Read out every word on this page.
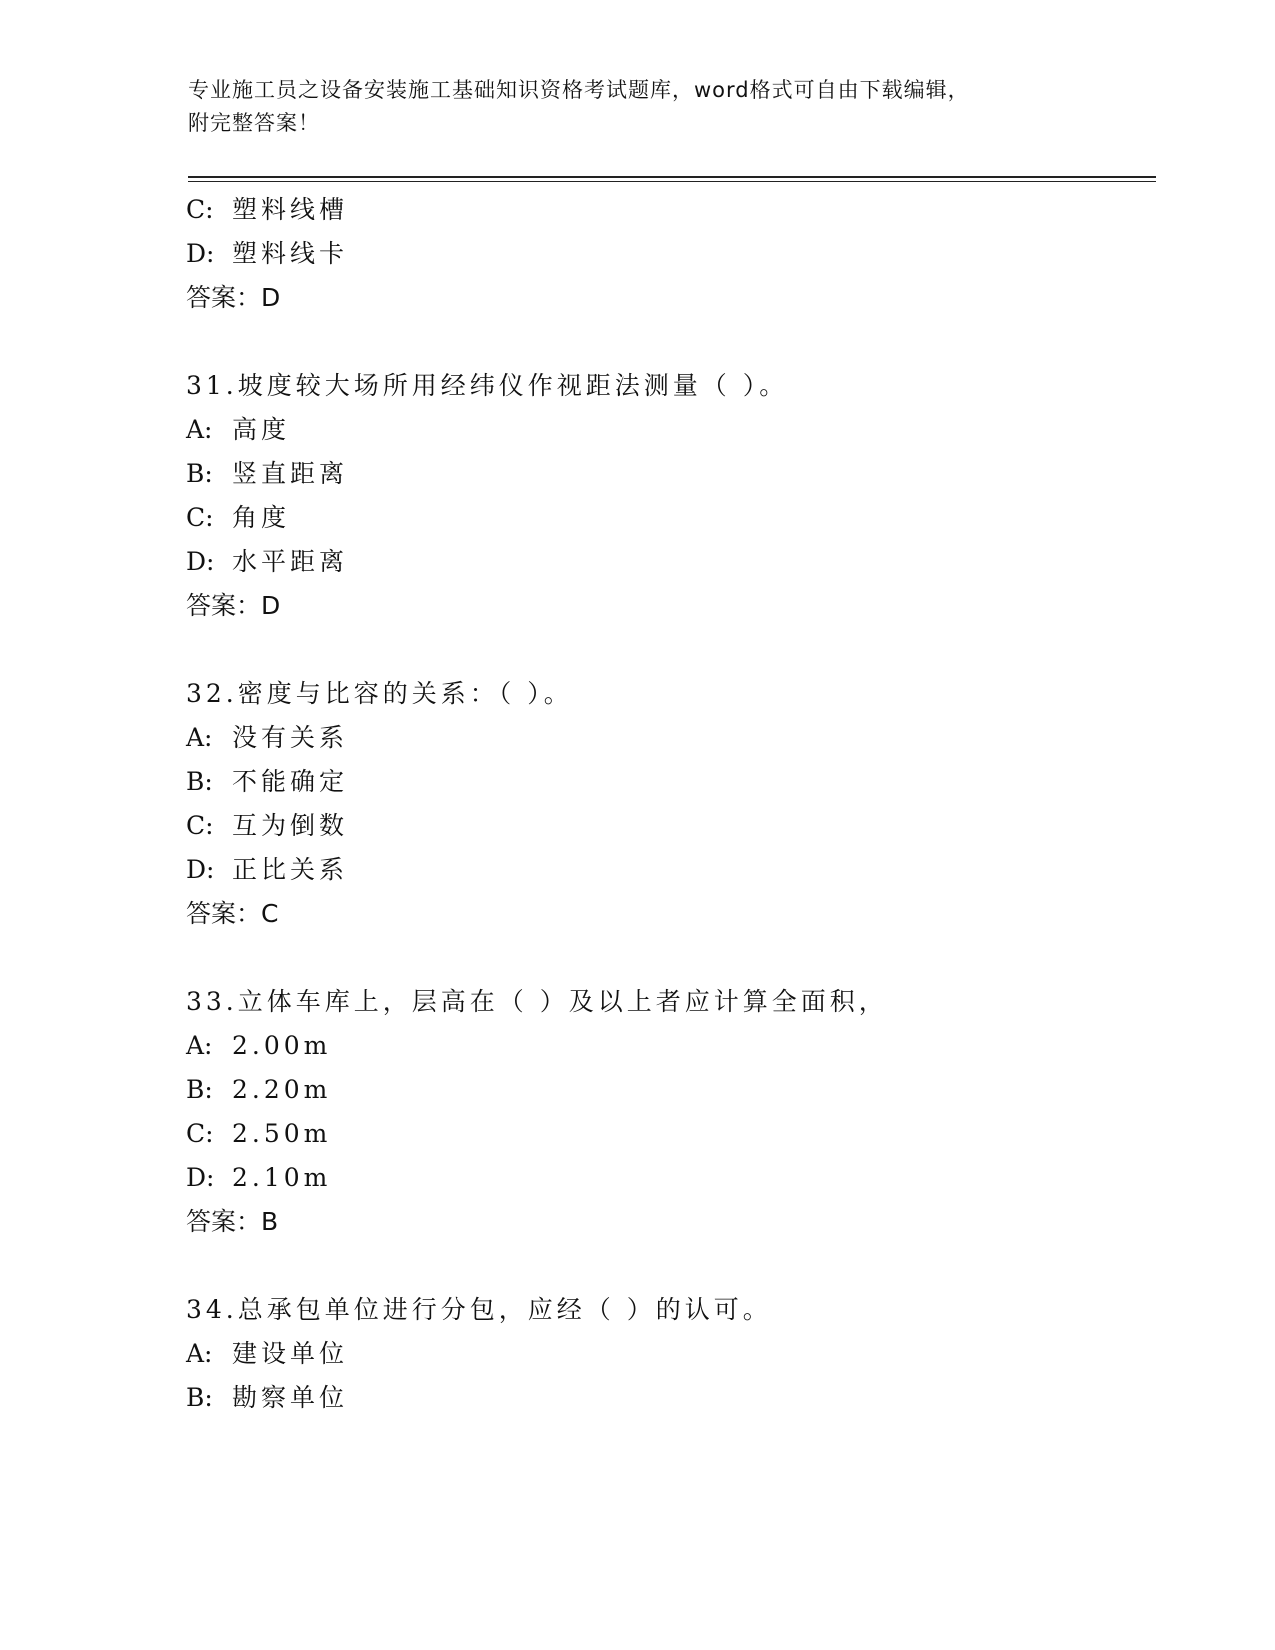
专业施工员之设备安装施工基础知识资格考试题库，word格式可自由下载编辑，
附完整答案！
C: 塑料线槽
D: 塑料线卡
答案：D
31.坡度较大场所用经纬仪作视距法测量（ ）。
A: 高度
B: 竖直距离
C: 角度
D: 水平距离
答案：D
32.密度与比容的关系：（ ）。
A: 没有关系
B: 不能确定
C: 互为倒数
D: 正比关系
答案：C
33.立体车库上，层高在（ ）及以上者应计算全面积，
A: 2.00m
B: 2.20m
C: 2.50m
D: 2.10m
答案：B
34.总承包单位进行分包，应经（ ）的认可。
A: 建设单位
B: 勘察单位
